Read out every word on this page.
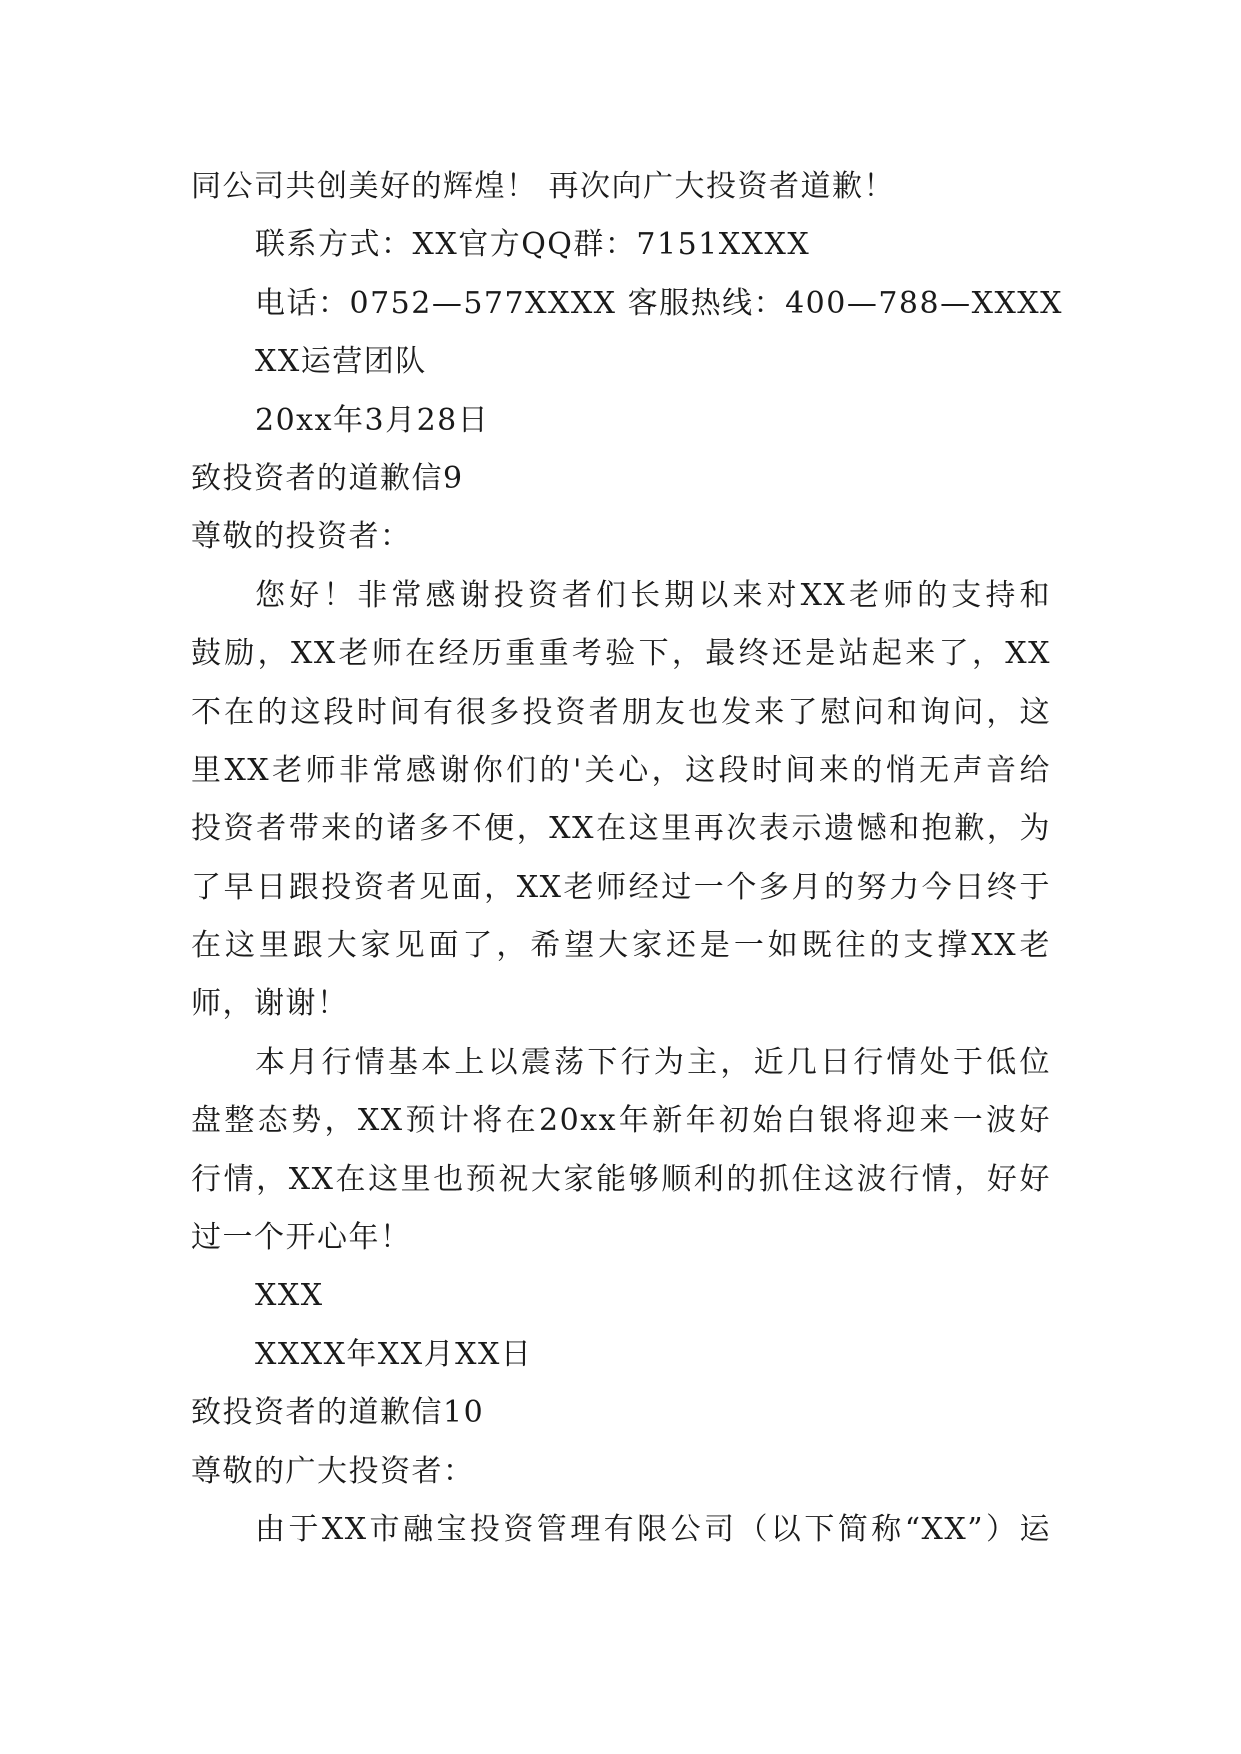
同公司共创美好的辉煌！ 再次向广大投资者道歉！
联系方式：XX官方QQ群：7151XXXX
电话：0752—577XXXX 客服热线：400—788—XXXX
XX运营团队
20xx年3月28日
致投资者的道歉信9
尊敬的投资者：
您好！非常感谢投资者们长期以来对XX老师的支持和
鼓励，XX老师在经历重重考验下，最终还是站起来了，XX
不在的这段时间有很多投资者朋友也发来了慰问和询问，这
里XX老师非常感谢你们的'关心，这段时间来的悄无声音给
投资者带来的诸多不便，XX在这里再次表示遗憾和抱歉，为
了早日跟投资者见面，XX老师经过一个多月的努力今日终于
在这里跟大家见面了，希望大家还是一如既往的支撑XX老
师，谢谢！
本月行情基本上以震荡下行为主，近几日行情处于低位
盘整态势，XX预计将在20xx年新年初始白银将迎来一波好
行情，XX在这里也预祝大家能够顺利的抓住这波行情，好好
过一个开心年！
XXX
XXXX年XX月XX日
致投资者的道歉信10
尊敬的广大投资者：
由于XX市融宝投资管理有限公司（以下简称“XX”）运
